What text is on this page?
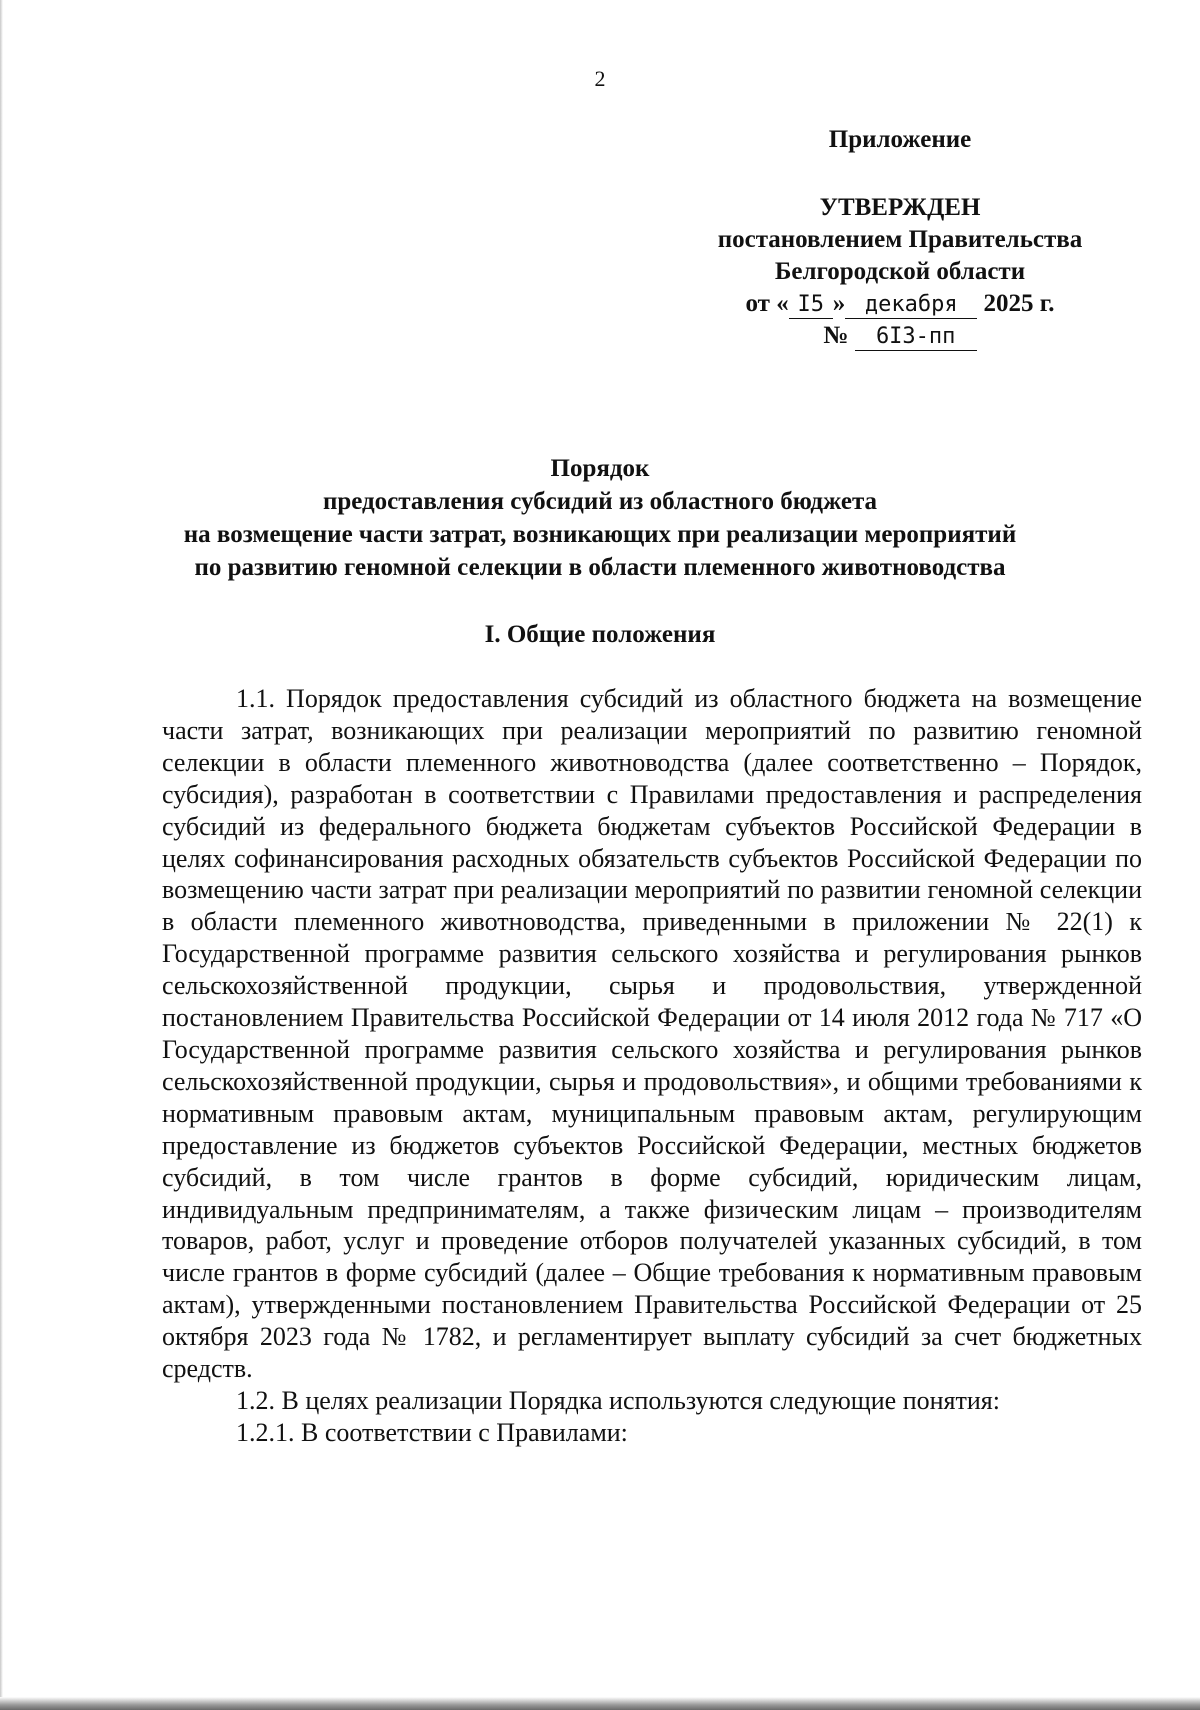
2
Приложение
УТВЕРЖДЕН
постановлением Правительства
Белгородской области
от « I5 » декабря 2025 г.
№ 6I3-пп
Порядок
предоставления субсидий из областного бюджета
на возмещение части затрат, возникающих при реализации мероприятий
по развитию геномной селекции в области племенного животноводства
I. Общие положения

1.1. Порядок предоставления субсидий из областного бюджета на возмещение части затрат, возникающих при реализации мероприятий по развитию геномной селекции в области племенного животноводства (далее соответственно – Порядок, субсидия), разработан в соответствии с Правилами предоставления и распределения субсидий из федерального бюджета бюджетам субъектов Российской Федерации в целях софинансирования расходных обязательств субъектов Российской Федерации по возмещению части затрат при реализации мероприятий по развитии геномной селекции в области племенного животноводства, приведенными в приложении № 22(1) к Государственной программе развития сельского хозяйства и регулирования рынков сельскохозяйственной продукции, сырья и продовольствия, утвержденной постановлением Правительства Российской Федерации от 14 июля 2012 года № 717 «О Государственной программе развития сельского хозяйства и регулирования рынков сельскохозяйственной продукции, сырья и продовольствия», и общими требованиями к нормативным правовым актам, муниципальным правовым актам, регулирующим предоставление из бюджетов субъектов Российской Федерации, местных бюджетов субсидий, в том числе грантов в форме субсидий, юридическим лицам, индивидуальным предпринимателям, а также физическим лицам – производителям товаров, работ, услуг и проведение отборов получателей указанных субсидий, в том числе грантов в форме субсидий (далее – Общие требования к нормативным правовым актам), утвержденными постановлением Правительства Российской Федерации от 25 октября 2023 года № 1782, и регламентирует выплату субсидий за счет бюджетных средств.

1.2. В целях реализации Порядка используются следующие понятия:

1.2.1. В соответствии с Правилами:
